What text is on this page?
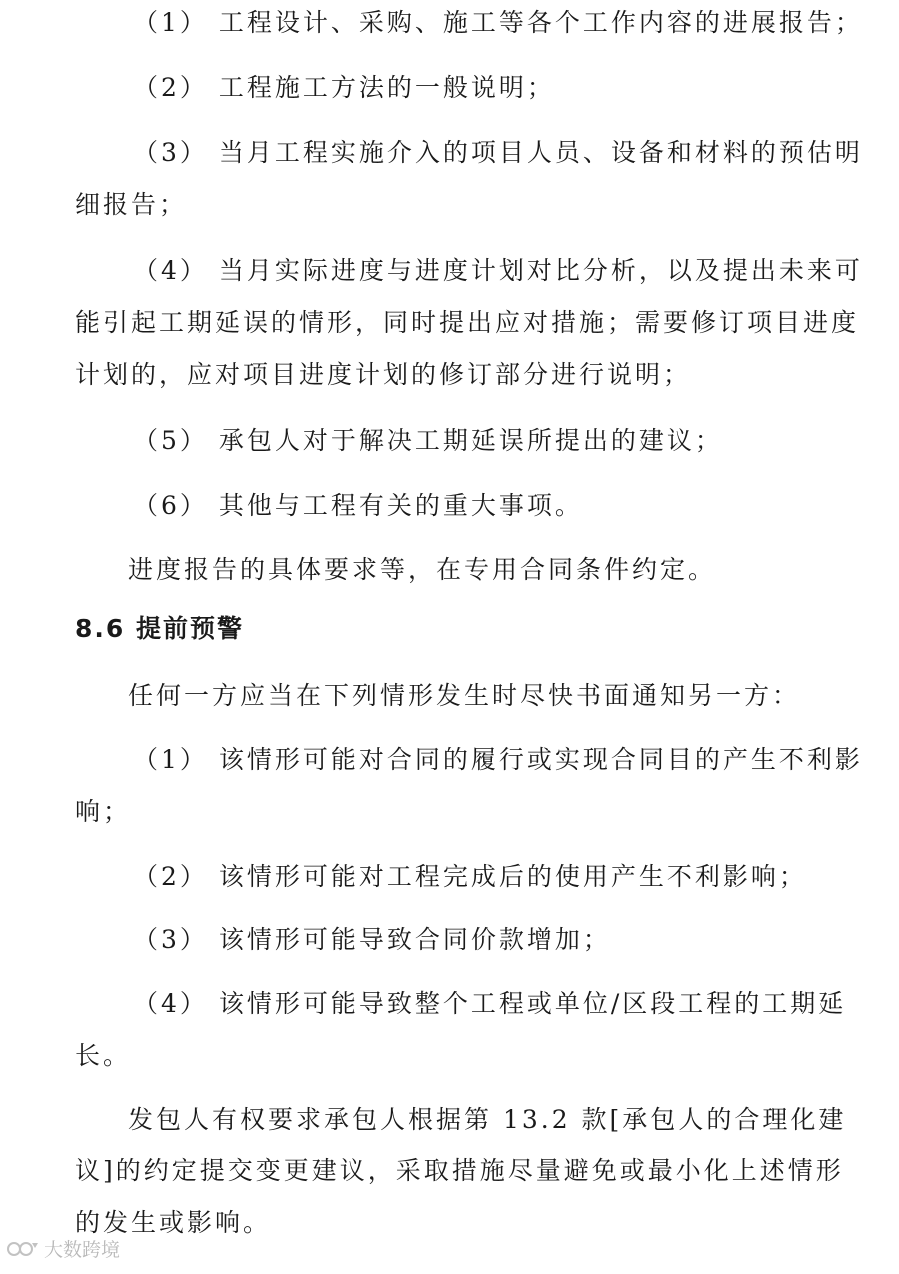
（1） 工程设计、采购、施工等各个工作内容的进展报告；
（2） 工程施工方法的一般说明；
（3） 当月工程实施介入的项目人员、设备和材料的预估明
细报告；
（4） 当月实际进度与进度计划对比分析，以及提出未来可
能引起工期延误的情形，同时提出应对措施；需要修订项目进度
计划的，应对项目进度计划的修订部分进行说明；
（5） 承包人对于解决工期延误所提出的建议；
（6） 其他与工程有关的重大事项。
进度报告的具体要求等，在专用合同条件约定。
8.6 提前预警
任何一方应当在下列情形发生时尽快书面通知另一方：
（1） 该情形可能对合同的履行或实现合同目的产生不利影
响；
（2） 该情形可能对工程完成后的使用产生不利影响；
（3） 该情形可能导致合同价款增加；
（4） 该情形可能导致整个工程或单位/区段工程的工期延
长。
发包人有权要求承包人根据第 13.2 款[承包人的合理化建
议]的约定提交变更建议，采取措施尽量避免或最小化上述情形
的发生或影响。
大数跨境
